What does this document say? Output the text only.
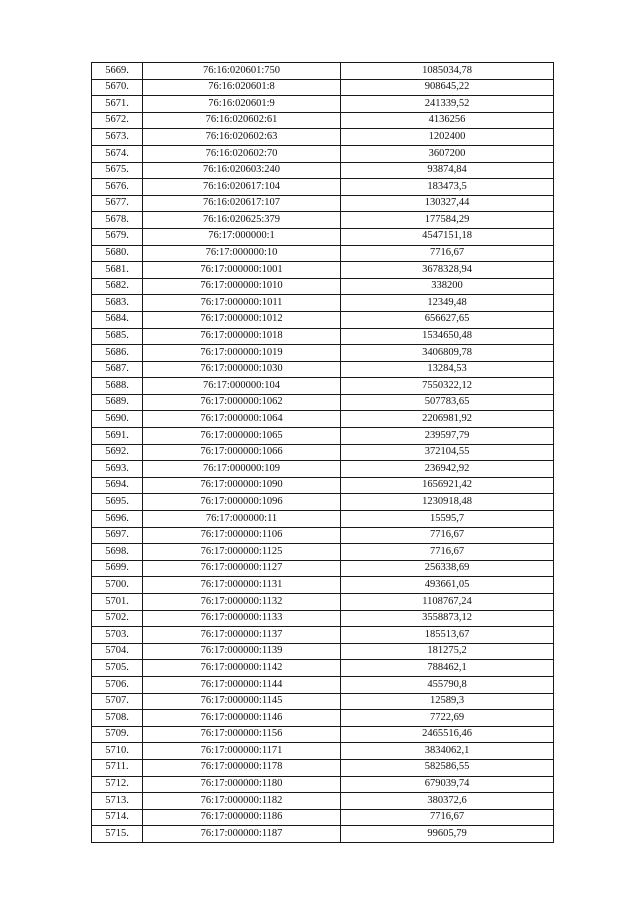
5669.	76:16:020601:750	1085034,78
5670.	76:16:020601:8	908645,22
5671.	76:16:020601:9	241339,52
5672.	76:16:020602:61	4136256
5673.	76:16:020602:63	1202400
5674.	76:16:020602:70	3607200
5675.	76:16:020603:240	93874,84
5676.	76:16:020617:104	183473,5
5677.	76:16:020617:107	130327,44
5678.	76:16:020625:379	177584,29
5679.	76:17:000000:1	4547151,18
5680.	76:17:000000:10	7716,67
5681.	76:17:000000:1001	3678328,94
5682.	76:17:000000:1010	338200
5683.	76:17:000000:1011	12349,48
5684.	76:17:000000:1012	656627,65
5685.	76:17:000000:1018	1534650,48
5686.	76:17:000000:1019	3406809,78
5687.	76:17:000000:1030	13284,53
5688.	76:17:000000:104	7550322,12
5689.	76:17:000000:1062	507783,65
5690.	76:17:000000:1064	2206981,92
5691.	76:17:000000:1065	239597,79
5692.	76:17:000000:1066	372104,55
5693.	76:17:000000:109	236942,92
5694.	76:17:000000:1090	1656921,42
5695.	76:17:000000:1096	1230918,48
5696.	76:17:000000:11	15595,7
5697.	76:17:000000:1106	7716,67
5698.	76:17:000000:1125	7716,67
5699.	76:17:000000:1127	256338,69
5700.	76:17:000000:1131	493661,05
5701.	76:17:000000:1132	1108767,24
5702.	76:17:000000:1133	3558873,12
5703.	76:17:000000:1137	185513,67
5704.	76:17:000000:1139	181275,2
5705.	76:17:000000:1142	788462,1
5706.	76:17:000000:1144	455790,8
5707.	76:17:000000:1145	12589,3
5708.	76:17:000000:1146	7722,69
5709.	76:17:000000:1156	2465516,46
5710.	76:17:000000:1171	3834062,1
5711.	76:17:000000:1178	582586,55
5712.	76:17:000000:1180	679039,74
5713.	76:17:000000:1182	380372,6
5714.	76:17:000000:1186	7716,67
5715.	76:17:000000:1187	99605,79
